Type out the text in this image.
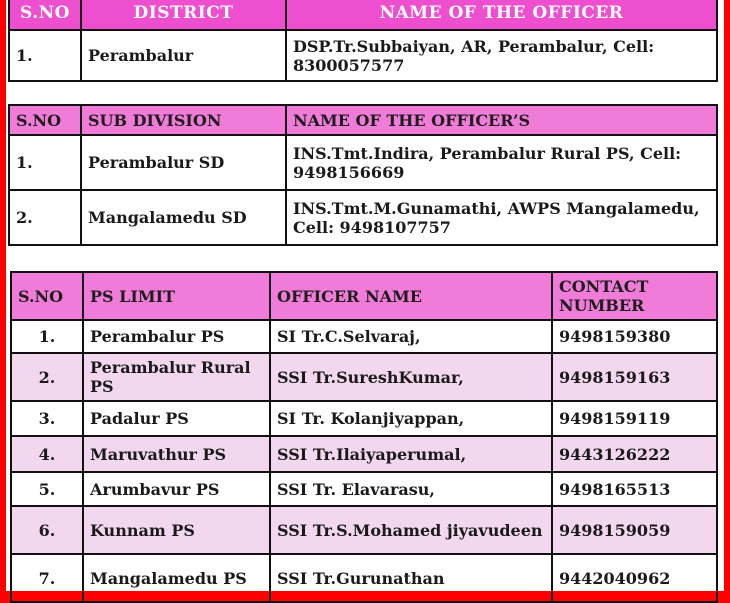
S.NO	DISTRICT	NAME OF THE OFFICER
1.	Perambalur	DSP.Tr.Subbaiyan, AR, Perambalur, Cell: 8300057577
S.NO	SUB DIVISION	NAME OF THE OFFICER’S
1.	Perambalur SD	INS.Tmt.Indira, Perambalur Rural PS, Cell: 9498156669
2.	Mangalamedu SD	INS.Tmt.M.Gunamathi, AWPS Mangalamedu, Cell: 9498107757
S.NO	PS LIMIT	OFFICER NAME	CONTACT NUMBER
1.	Perambalur PS	SI Tr.C.Selvaraj,	9498159380
2.	Perambalur Rural PS	SSI Tr.SureshKumar,	9498159163
3.	Padalur PS	SI Tr. Kolanjiyappan,	9498159119
4.	Maruvathur PS	SSI Tr.Ilaiyaperumal,	9443126222
5.	Arumbavur PS	SSI Tr. Elavarasu,	9498165513
6.	Kunnam PS	SSI Tr.S.Mohamed jiyavudeen	9498159059
7.	Mangalamedu PS	SSI Tr.Gurunathan	9442040962
